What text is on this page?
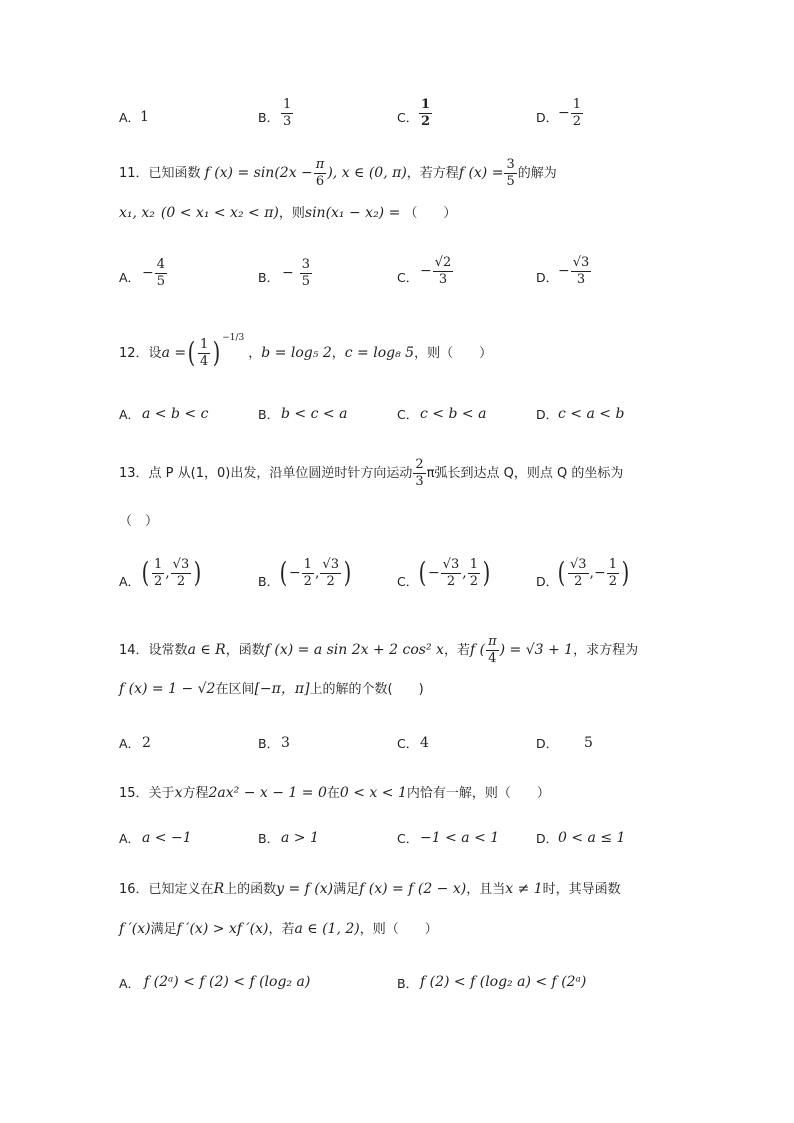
A． 1	B． $\frac{1}{3}$	C． $\frac{1}{2}$	D． − $\frac{1}{2}$
11． 已知函数 f $(x) = \sin(2x - \frac{\pi}{6}$ ), x ∈ (0, π) ，若方程 f $(x) = \frac{3}{5}$ 的解为
x₁, x₂ (0 < x₁ < x₂ < π) ，则 sin(x₁ − x₂) = （　　）
A． − $\frac{4}{5}$	B． − $\frac{3}{5}$	C． − $\frac{√2}{3}$	D． − $\frac{√3}{3}$
12． 设 a = ( $\frac{1}{4}$ ) −1/3
， b = log₅ 2 ， c = log₈ 5 ，则（　　）
A． a < b < c	B． b < c < a	C． c < b < a	D． c < a < b
13． 点 P 从(1，0)出发，沿单位圆逆时针方向运动 $\frac{2}{3}$ π弧长到达点 Q，则点 Q 的坐标为
（　）
A． ( $\frac{1}{2}$ , $\frac{√3}{2}$ )	B． ( − $\frac{1}{2}$ , $\frac{√3}{2}$ )	C． ( − $\frac{√3}{2}$ , $\frac{1}{2}$ )	D． ( $\frac{√3}{2}$ , − $\frac{1}{2}$ )
14． 设常数 a ∈ R ，函数 f (x) = a sin 2x + 2 cos² x ，若 f ( $\frac{\pi}{4}$ ) = √3 + 1 ，求方程为
f (x) = 1 − √2 在区间 [−π，π] 上的解的个数(　　)
A． 2	B． 3	C． 4	D． 5
15． 关于 x 方程 2ax² − x − 1 = 0 在 0 < x < 1 内恰有一解，则（　　）
A． a < −1	B． a > 1	C． −1 < a < 1	D． 0 < a ≤ 1
16． 已知定义在 R 上的函数 y = f (x) 满足 f (x) = f (2 − x) ，且当 x ≠ 1 时，其导函数
f ′(x) 满足 f ′(x) > xf ′(x) ，若 a ∈ (1, 2) ，则（　　）
A． f (2ᵃ) < f (2) < f (log₂ a)	B． f (2) < f (log₂ a) < f (2ᵃ)
